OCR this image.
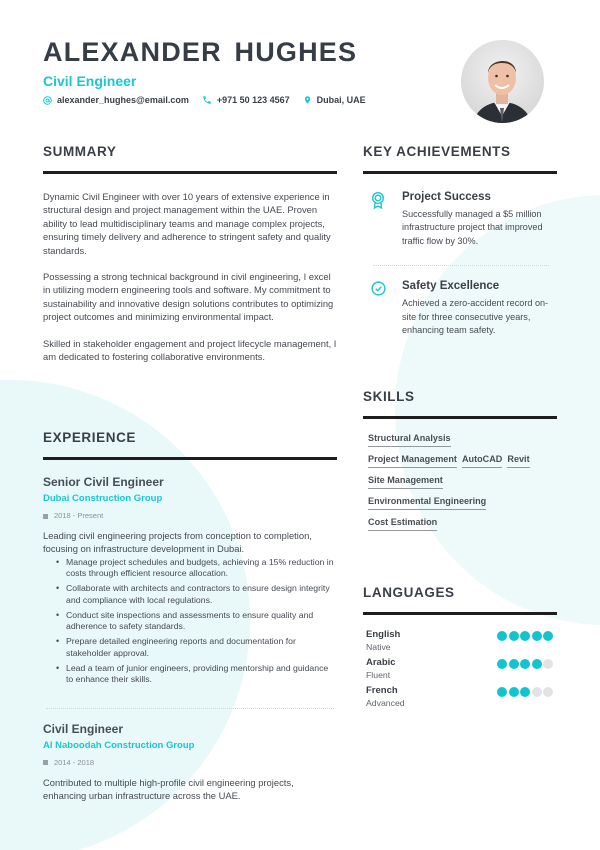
ALEXANDER HUGHES
Civil Engineer
alexander_hughes@email.com	+971 50 123 4567	Dubai, UAE
SUMMARY

Dynamic Civil Engineer with over 10 years of extensive experience in structural design and project management within the UAE. Proven ability to lead multidisciplinary teams and manage complex projects, ensuring timely delivery and adherence to stringent safety and quality standards.

Possessing a strong technical background in civil engineering, I excel in utilizing modern engineering tools and software. My commitment to sustainability and innovative design solutions contributes to optimizing project outcomes and minimizing environmental impact.

Skilled in stakeholder engagement and project lifecycle management, I am dedicated to fostering collaborative environments.

EXPERIENCE
Senior Civil Engineer
Dubai Construction Group
2018 - Present

Leading civil engineering projects from conception to completion, focusing on infrastructure development in Dubai.

• Manage project schedules and budgets, achieving a 15% reduction in costs through efficient resource allocation.
• Collaborate with architects and contractors to ensure design integrity and compliance with local regulations.
• Conduct site inspections and assessments to ensure quality and adherence to safety standards.
• Prepare detailed engineering reports and documentation for stakeholder approval.
• Lead a team of junior engineers, providing mentorship and guidance to enhance their skills.
Civil Engineer
Al Naboodah Construction Group
2014 - 2018

Contributed to multiple high-profile civil engineering projects, enhancing urban infrastructure across the UAE.

KEY ACHIEVEMENTS
Project Success
Successfully managed a $5 million infrastructure project that improved traffic flow by 30%.
Safety Excellence
Achieved a zero-accident record on-site for three consecutive years, enhancing team safety.
SKILLS
Structural Analysis
Project Management AutoCAD Revit
Site Management
Environmental Engineering
Cost Estimation
LANGUAGES
English
Native
Arabic
Fluent
French
Advanced
